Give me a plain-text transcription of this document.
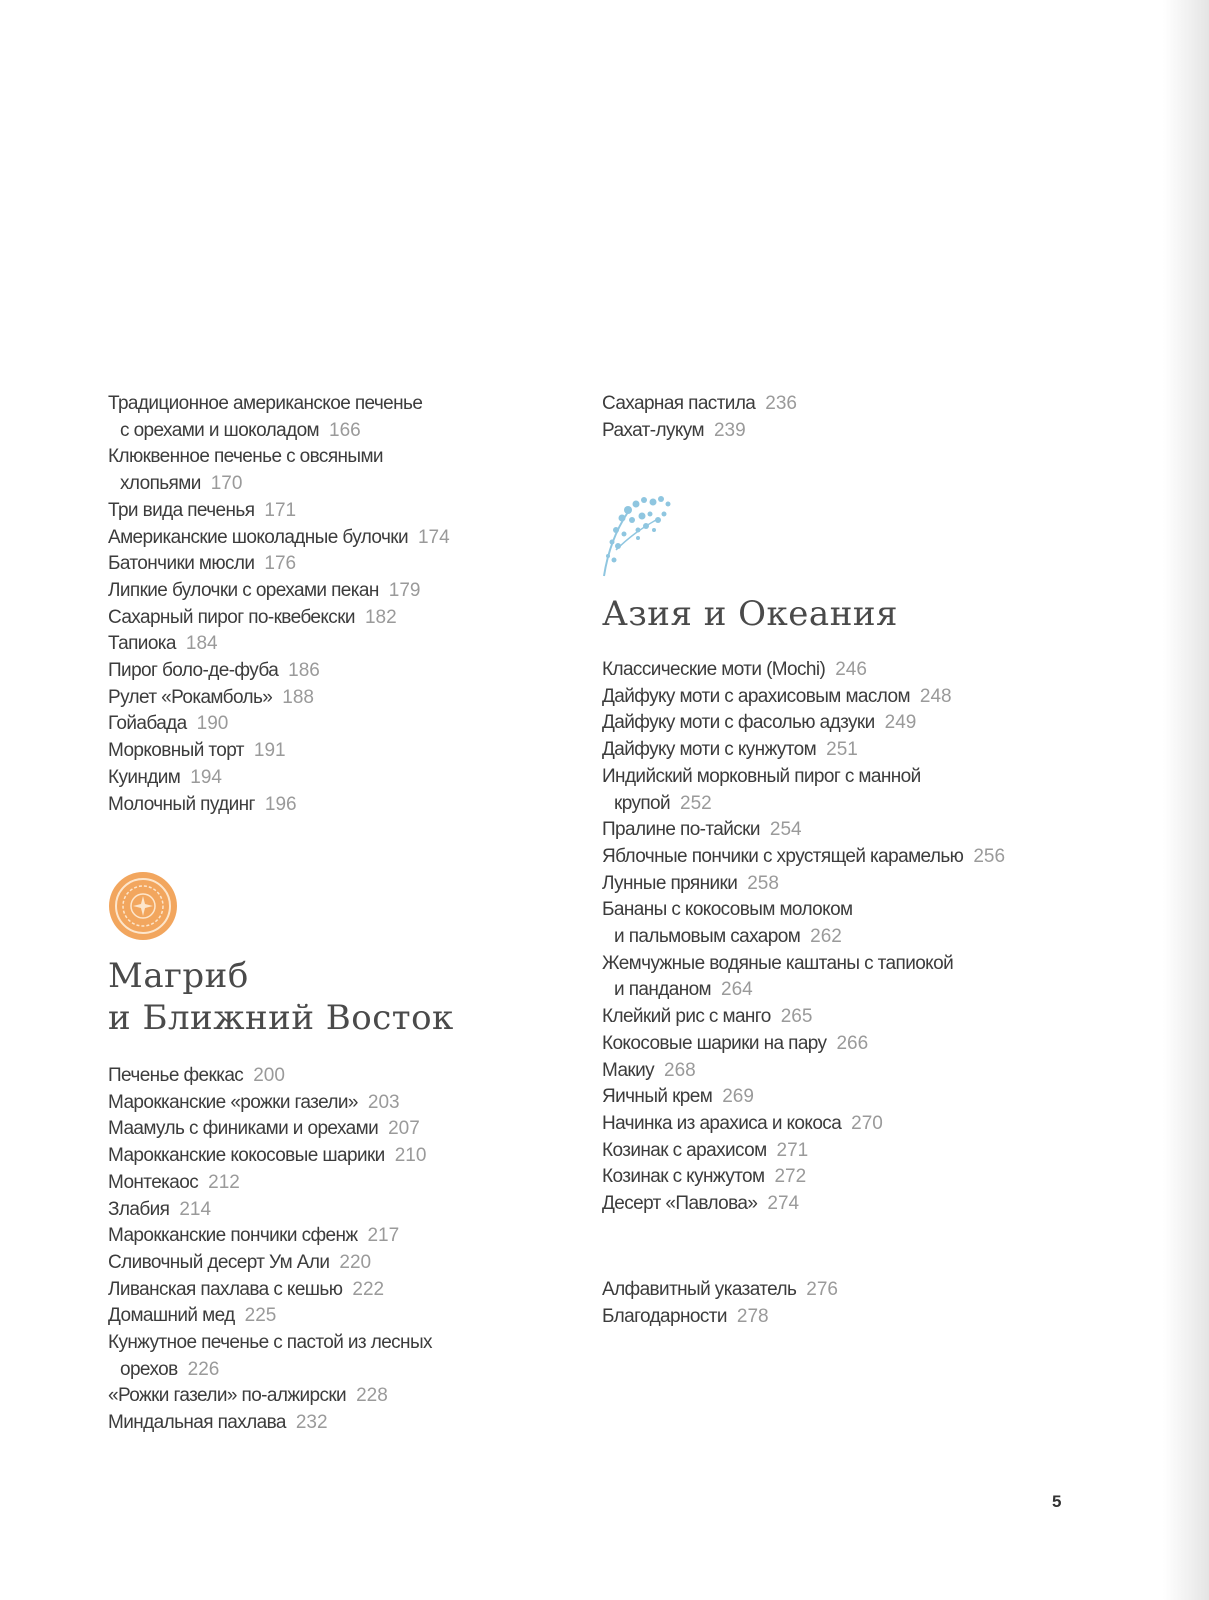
Традиционное американское печенье
с орехами и шоколадом 166

Клюквенное печенье с овсяными
хлопьями 170

Три вида печенья 171

Американские шоколадные булочки 174

Батончики мюсли 176

Липкие булочки с орехами пекан 179

Сахарный пирог по-квебекски 182

Тапиока 184

Пирог боло-де-фуба 186

Рулет «Рокамболь» 188

Гойабада 190

Морковный торт 191

Куиндим 194

Молочный пудинг 196

Магриб

и Ближний Восток

Печенье феккас 200

Марокканские «рожки газели» 203

Маамуль с финиками и орехами 207

Марокканские кокосовые шарики 210

Монтекаос 212

Злабия 214

Марокканские пончики сфенж 217

Сливочный десерт Ум Али 220

Ливанская пахлава с кешью 222

Домашний мед 225

Кунжутное печенье с пастой из лесных
орехов 226

«Рожки газели» по-алжирски 228

Миндальная пахлава 232

Сахарная пастила 236

Рахат-лукум 239

Азия и Океания

Классические моти (Mochi) 246

Дайфуку моти с арахисовым маслом 248

Дайфуку моти с фасолью адзуки 249

Дайфуку моти с кунжутом 251

Индийский морковный пирог с манной
крупой 252

Пралине по-тайски 254

Яблочные пончики с хрустящей карамелью 256

Лунные пряники 258

Бананы с кокосовым молоком
и пальмовым сахаром 262

Жемчужные водяные каштаны с тапиокой
и панданом 264

Клейкий рис с манго 265

Кокосовые шарики на пару 266

Макиу 268

Яичный крем 269

Начинка из арахиса и кокоса 270

Козинак с арахисом 271

Козинак с кунжутом 272

Десерт «Павлова» 274

Алфавитный указатель 276

Благодарности 278

5
